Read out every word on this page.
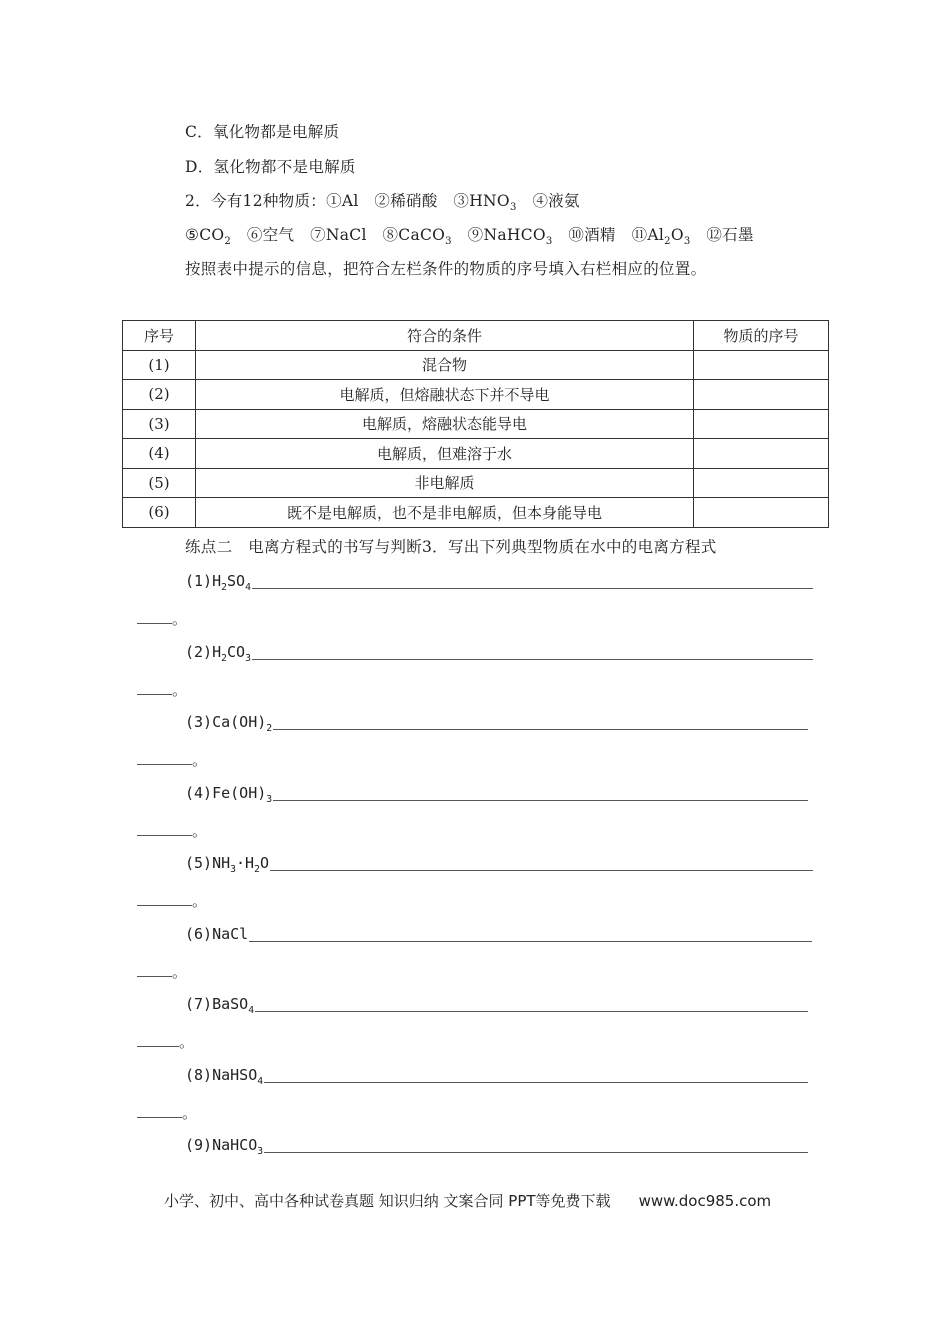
C．氧化物都是电解质
D．氢化物都不是电解质
2．今有12种物质：①Al　②稀硝酸　$③HNO_3$　④液氨
$⑤CO_2$　⑥空气　⑦NaCl　⑧CaCO$_3$　⑨NaHCO$_3$　⑩酒精　$⑪Al_2O_3$　⑫石墨
按照表中提示的信息，把符合左栏条件的物质的序号填入右栏相应的位置。
序号	符合的条件	物质的序号
(1)	混合物	
(2)	电解质，但熔融状态下并不导电	
(3)	电解质，熔融状态能导电	
(4)	电解质，但难溶于水	
(5)	非电解质	
(6)	既不是电解质，也不是非电解质，但本身能导电	
练点二　电离方程式的书写与判断3．写出下列典型物质在水中的电离方程式
$(1)H_2SO_4$
。
$(2)H_2CO_3$
。
$(3)Ca(OH)_2$
。
$(4)Fe(OH)_3$
。
$(5)NH_3\cdot H_2O$
。
(6)NaCl
。
(7)BaSO$_4$
。
(8)NaHSO$_4$
。
(9)NaHCO$_3$
小学、初中、高中各种试卷真题 知识归纳 文案合同 PPT等免费下载 www.doc985.com
